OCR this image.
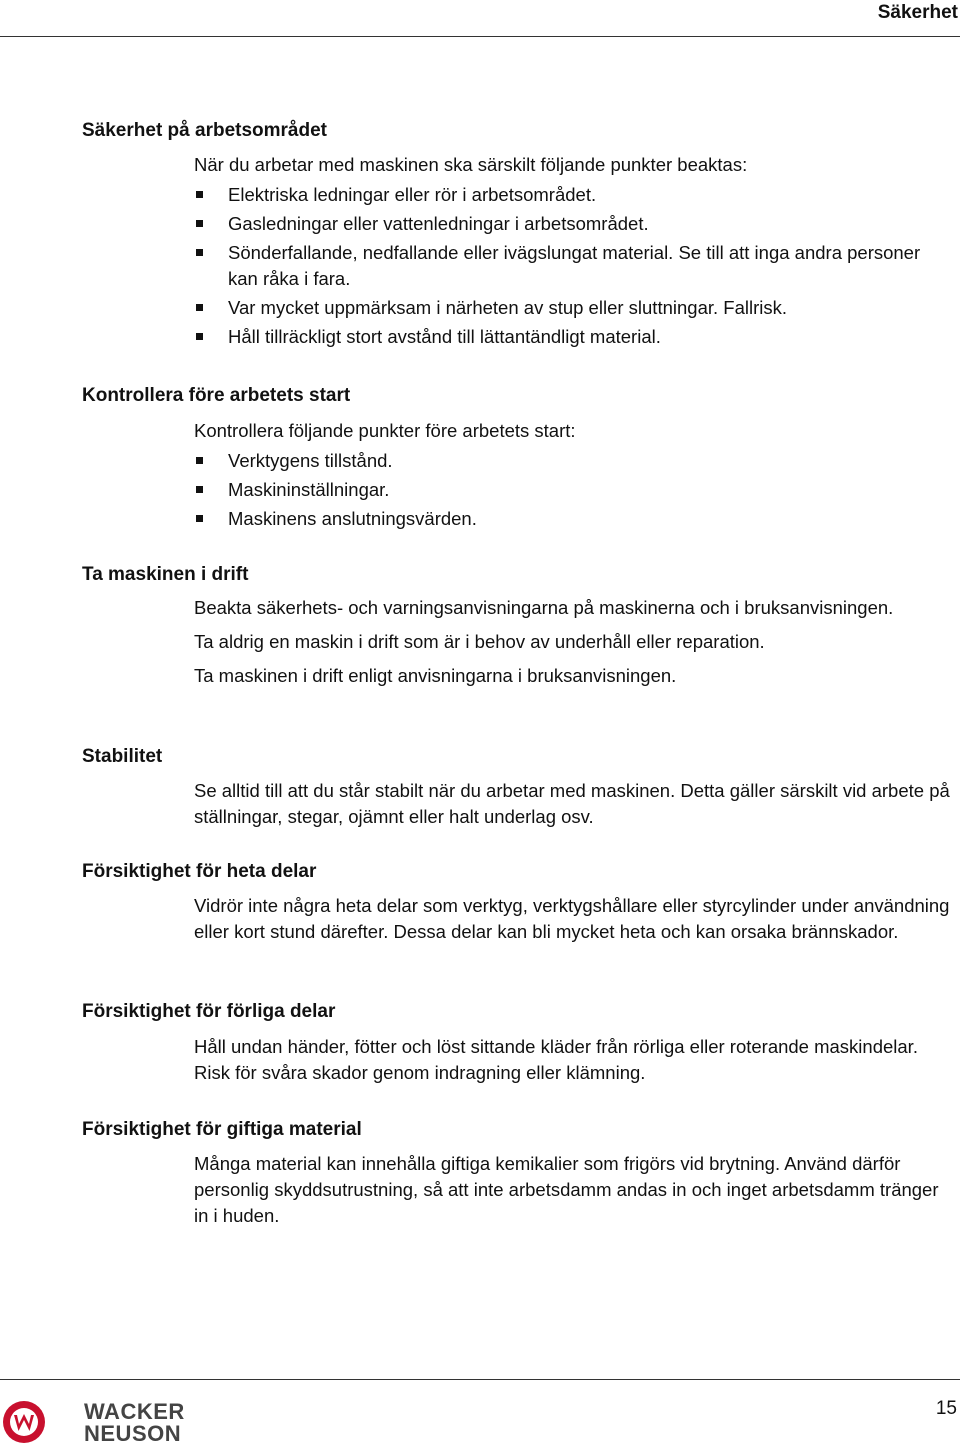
Säkerhet
Säkerhet på arbetsområdet
När du arbetar med maskinen ska särskilt följande punkter beaktas:
Elektriska ledningar eller rör i arbetsområdet.
Gasledningar eller vattenledningar i arbetsområdet.
Sönderfallande, nedfallande eller ivägslungat material. Se till att inga andra personer kan råka i fara.
Var mycket uppmärksam i närheten av stup eller sluttningar. Fallrisk.
Håll tillräckligt stort avstånd till lättantändligt material.
Kontrollera före arbetets start
Kontrollera följande punkter före arbetets start:
Verktygens tillstånd.
Maskininställningar.
Maskinens anslutningsvärden.
Ta maskinen i drift
Beakta säkerhets- och varningsanvisningarna på maskinerna och i bruksanvisningen.
Ta aldrig en maskin i drift som är i behov av underhåll eller reparation.
Ta maskinen i drift enligt anvisningarna i bruksanvisningen.
Stabilitet
Se alltid till att du står stabilt när du arbetar med maskinen. Detta gäller särskilt vid arbete på ställningar, stegar, ojämnt eller halt underlag osv.
Försiktighet för heta delar
Vidrör inte några heta delar som verktyg, verktygshållare eller styrcylinder under användning eller kort stund därefter. Dessa delar kan bli mycket heta och kan orsaka brännskador.
Försiktighet för förliga delar
Håll undan händer, fötter och löst sittande kläder från rörliga eller roterande maskindelar. Risk för svåra skador genom indragning eller klämning.
Försiktighet för giftiga material
Många material kan innehålla giftiga kemikalier som frigörs vid brytning. Använd därför personlig skyddsutrustning, så att inte arbetsdamm andas in och inget arbetsdamm tränger in i huden.
WACKER
NEUSON
15
